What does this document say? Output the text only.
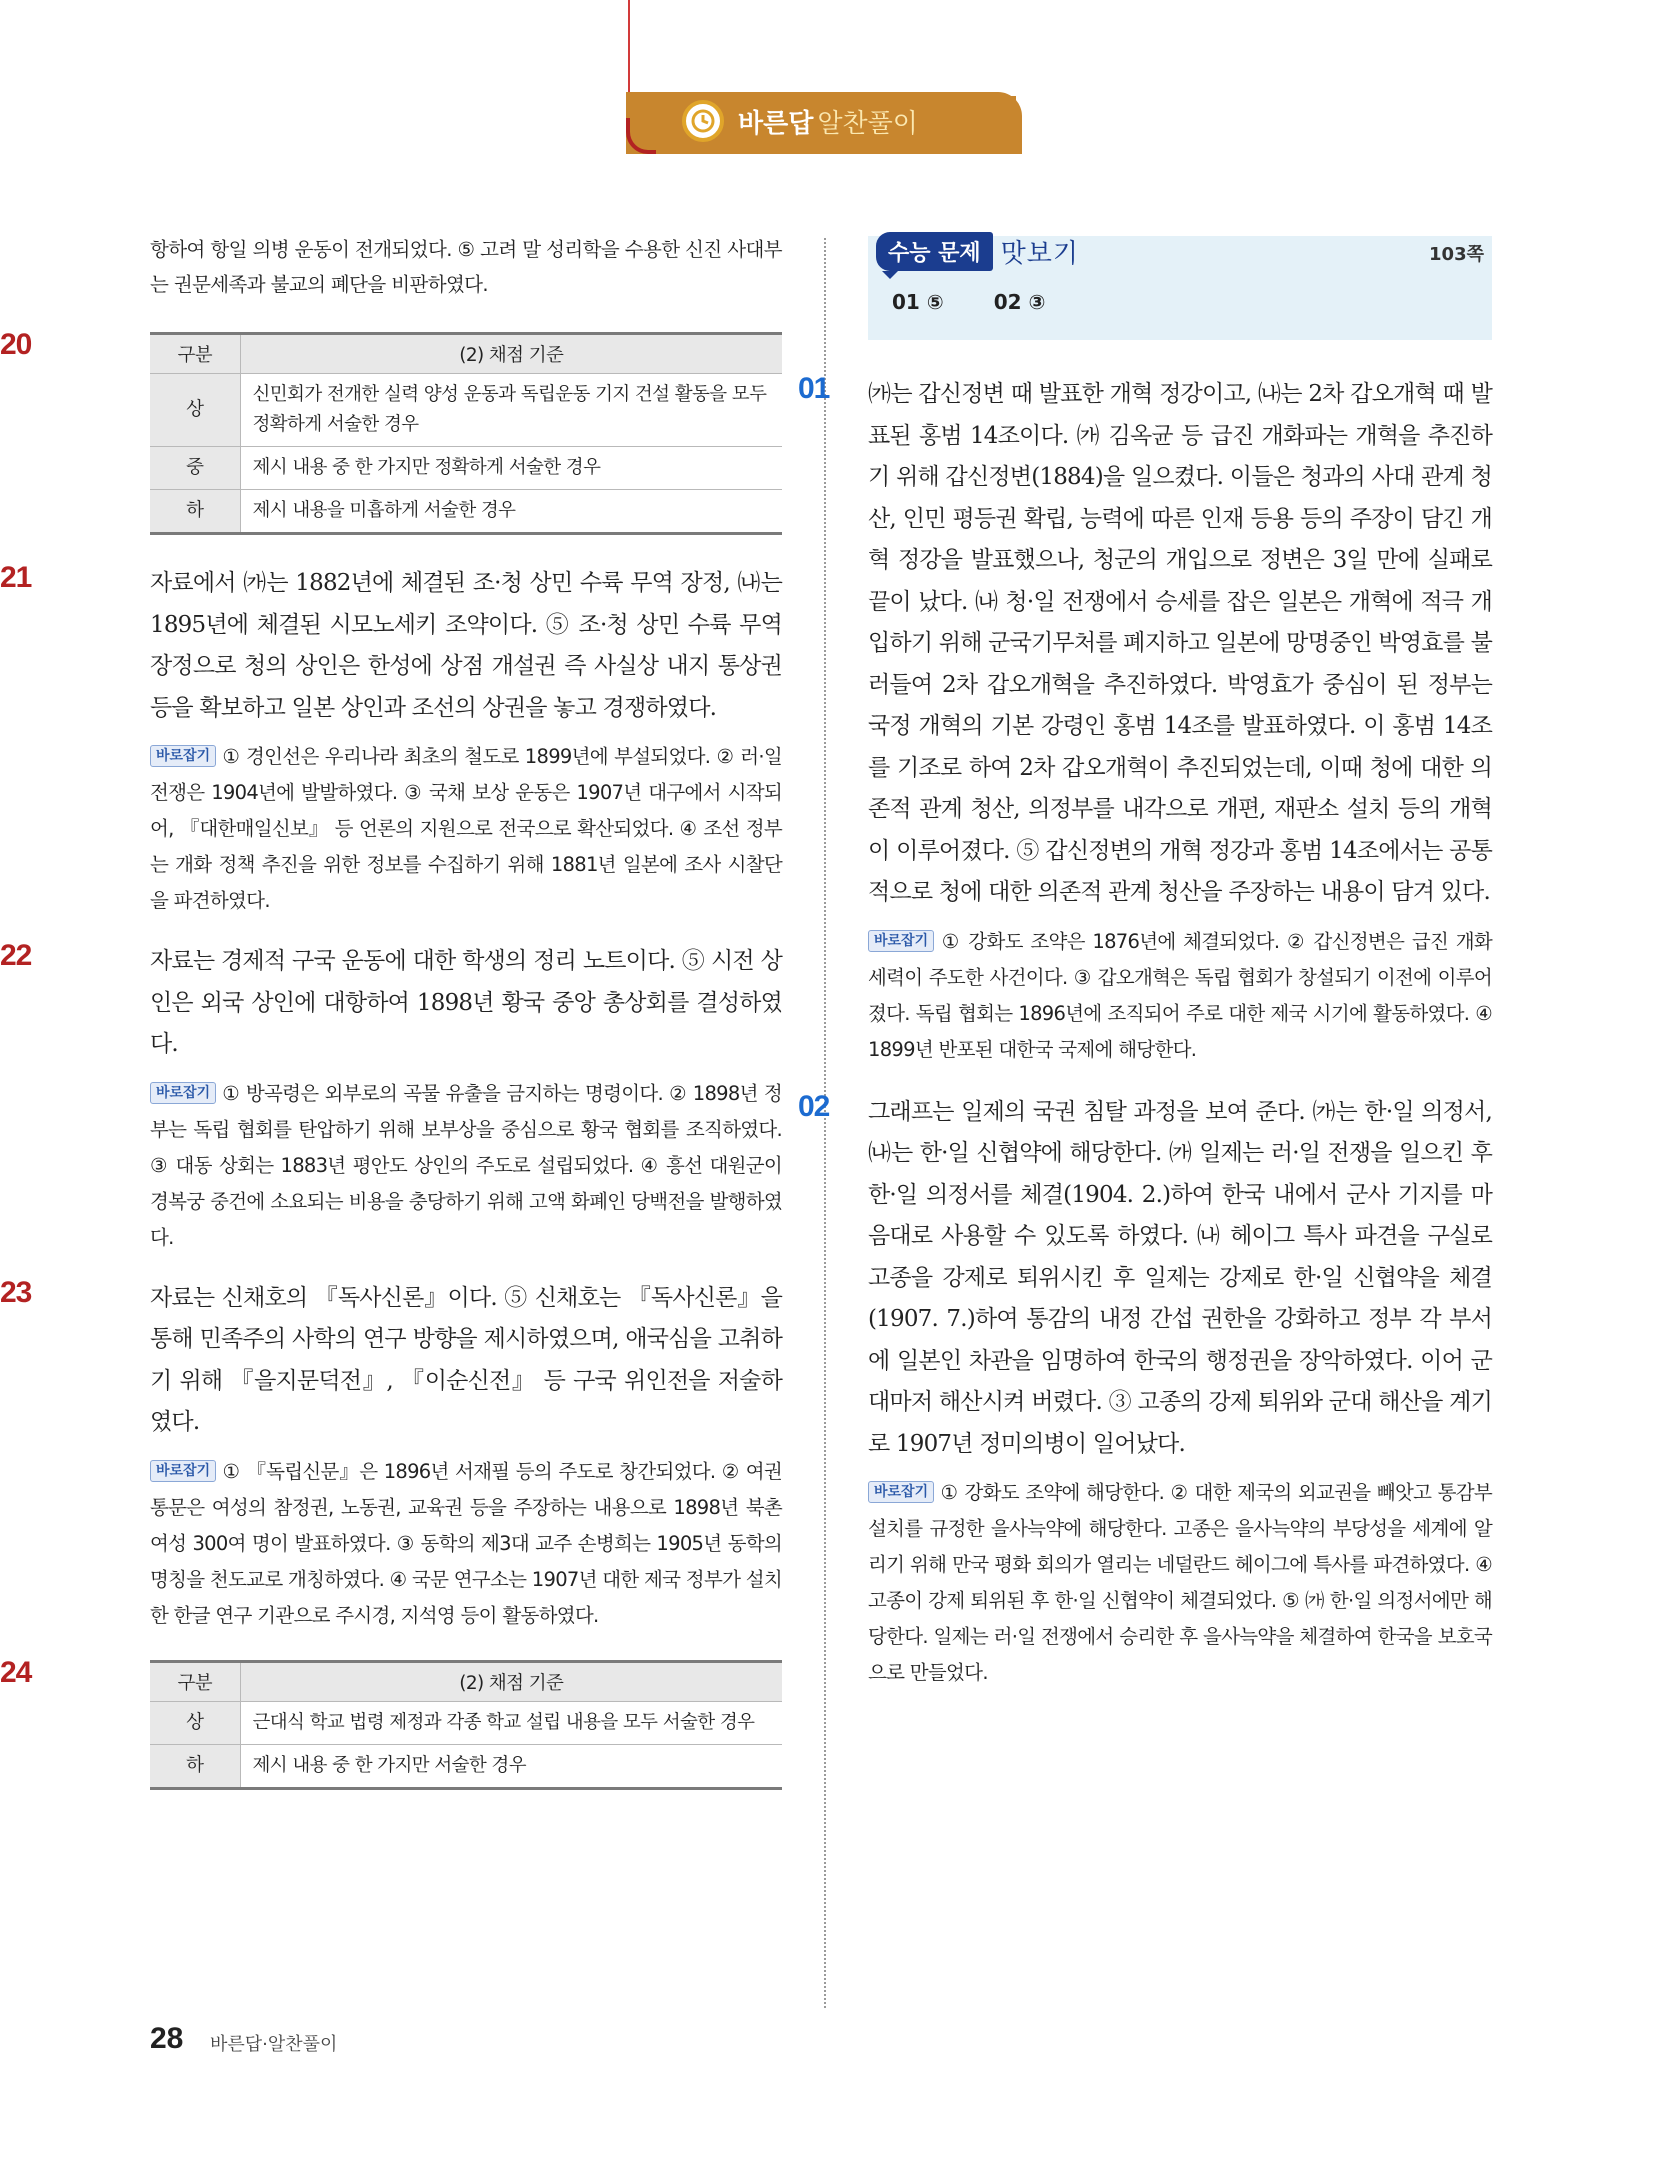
바른답 알찬풀이

항하여 항일 의병 운동이 전개되었다. ⑤ 고려 말 성리학을 수용한 신진 사대부는 권문세족과 불교의 폐단을 비판하였다.

20	구분	(2) 채점 기준
상	신민회가 전개한 실력 양성 운동과 독립운동 기지 건설 활동을 모두 정확하게 서술한 경우
중	제시 내용 중 한 가지만 정확하게 서술한 경우
하	제시 내용을 미흡하게 서술한 경우
21	자료에서 ㈎는 1882년에 체결된 조·청 상민 수륙 무역 장정, ㈏는 1895년에 체결된 시모노세키 조약이다. ⑤ 조·청 상민 수륙 무역 장정으로 청의 상인은 한성에 상점 개설권 즉 사실상 내지 통상권 등을 확보하고 일본 상인과 조선의 상권을 놓고 경쟁하였다.

바로잡기 ① 경인선은 우리나라 최초의 철도로 1899년에 부설되었다. ② 러·일 전쟁은 1904년에 발발하였다. ③ 국채 보상 운동은 1907년 대구에서 시작되어, 『대한매일신보』 등 언론의 지원으로 전국으로 확산되었다. ④ 조선 정부는 개화 정책 추진을 위한 정보를 수집하기 위해 1881년 일본에 조사 시찰단을 파견하였다.

22	자료는 경제적 구국 운동에 대한 학생의 정리 노트이다. ⑤ 시전 상인은 외국 상인에 대항하여 1898년 황국 중앙 총상회를 결성하였다.

바로잡기 ① 방곡령은 외부로의 곡물 유출을 금지하는 명령이다. ② 1898년 정부는 독립 협회를 탄압하기 위해 보부상을 중심으로 황국 협회를 조직하였다. ③ 대동 상회는 1883년 평안도 상인의 주도로 설립되었다. ④ 흥선 대원군이 경복궁 중건에 소요되는 비용을 충당하기 위해 고액 화폐인 당백전을 발행하였다.

23	자료는 신채호의 『독사신론』이다. ⑤ 신채호는 『독사신론』을 통해 민족주의 사학의 연구 방향을 제시하였으며, 애국심을 고취하기 위해 『을지문덕전』, 『이순신전』 등 구국 위인전을 저술하였다.

바로잡기 ① 『독립신문』은 1896년 서재필 등의 주도로 창간되었다. ② 여권 통문은 여성의 참정권, 노동권, 교육권 등을 주장하는 내용으로 1898년 북촌 여성 300여 명이 발표하였다. ③ 동학의 제3대 교주 손병희는 1905년 동학의 명칭을 천도교로 개칭하였다. ④ 국문 연구소는 1907년 대한 제국 정부가 설치한 한글 연구 기관으로 주시경, 지석영 등이 활동하였다.

24	구분	(2) 채점 기준
상	근대식 학교 법령 제정과 각종 학교 설립 내용을 모두 서술한 경우
하	제시 내용 중 한 가지만 서술한 경우
수능 문제 맛보기	103쪽
01 ⑤	02 ③
01	㈎는 갑신정변 때 발표한 개혁 정강이고, ㈏는 2차 갑오개혁 때 발표된 홍범 14조이다. ㈎ 김옥균 등 급진 개화파는 개혁을 추진하기 위해 갑신정변(1884)을 일으켰다. 이들은 청과의 사대 관계 청산, 인민 평등권 확립, 능력에 따른 인재 등용 등의 주장이 담긴 개혁 정강을 발표했으나, 청군의 개입으로 정변은 3일 만에 실패로 끝이 났다. ㈏ 청·일 전쟁에서 승세를 잡은 일본은 개혁에 적극 개입하기 위해 군국기무처를 폐지하고 일본에 망명중인 박영효를 불러들여 2차 갑오개혁을 추진하였다. 박영효가 중심이 된 정부는 국정 개혁의 기본 강령인 홍범 14조를 발표하였다. 이 홍범 14조를 기조로 하여 2차 갑오개혁이 추진되었는데, 이때 청에 대한 의존적 관계 청산, 의정부를 내각으로 개편, 재판소 설치 등의 개혁이 이루어졌다. ⑤ 갑신정변의 개혁 정강과 홍범 14조에서는 공통적으로 청에 대한 의존적 관계 청산을 주장하는 내용이 담겨 있다.

바로잡기 ① 강화도 조약은 1876년에 체결되었다. ② 갑신정변은 급진 개화 세력이 주도한 사건이다. ③ 갑오개혁은 독립 협회가 창설되기 이전에 이루어졌다. 독립 협회는 1896년에 조직되어 주로 대한 제국 시기에 활동하였다. ④ 1899년 반포된 대한국 국제에 해당한다.

02	그래프는 일제의 국권 침탈 과정을 보여 준다. ㈎는 한·일 의정서, ㈏는 한·일 신협약에 해당한다. ㈎ 일제는 러·일 전쟁을 일으킨 후 한·일 의정서를 체결(1904. 2.)하여 한국 내에서 군사 기지를 마음대로 사용할 수 있도록 하였다. ㈏ 헤이그 특사 파견을 구실로 고종을 강제로 퇴위시킨 후 일제는 강제로 한·일 신협약을 체결(1907. 7.)하여 통감의 내정 간섭 권한을 강화하고 정부 각 부서에 일본인 차관을 임명하여 한국의 행정권을 장악하였다. 이어 군대마저 해산시켜 버렸다. ③ 고종의 강제 퇴위와 군대 해산을 계기로 1907년 정미의병이 일어났다.

바로잡기 ① 강화도 조약에 해당한다. ② 대한 제국의 외교권을 빼앗고 통감부 설치를 규정한 을사늑약에 해당한다. 고종은 을사늑약의 부당성을 세계에 알리기 위해 만국 평화 회의가 열리는 네덜란드 헤이그에 특사를 파견하였다. ④ 고종이 강제 퇴위된 후 한·일 신협약이 체결되었다. ⑤ ㈎ 한·일 의정서에만 해당한다. 일제는 러·일 전쟁에서 승리한 후 을사늑약을 체결하여 한국을 보호국으로 만들었다.

28 바른답·알찬풀이
